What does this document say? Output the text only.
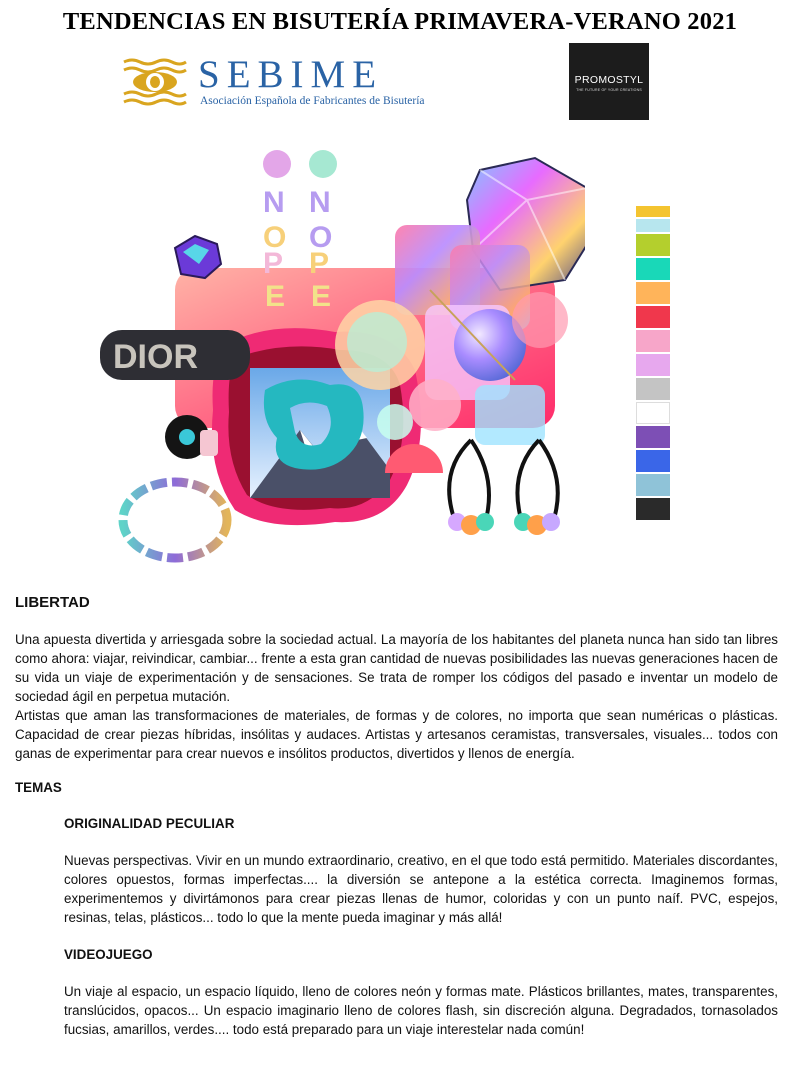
TENDENCIAS EN BISUTERÍA PRIMAVERA-VERANO 2021
SEBIME
Asociación Española de Fabricantes de Bisutería
PROMOSTYL
THE FUTURE OF YOUR CREATIONS
N
O
P
E
N
O
P
E
DIOR
LIBERTAD
Una apuesta divertida y arriesgada sobre la sociedad actual. La mayoría de los habitantes del planeta nunca han sido tan libres como ahora: viajar, reivindicar, cambiar... frente a esta gran cantidad de nuevas posibilidades las nuevas generaciones hacen de su vida un viaje de experimentación y de sensaciones. Se trata de romper los códigos del pasado e inventar un modelo de sociedad ágil en perpetua mutación.
Artistas que aman las transformaciones de materiales, de formas y de colores, no importa que sean numéricas o plásticas. Capacidad de crear piezas híbridas, insólitas y audaces. Artistas y artesanos ceramistas, transversales, visuales... todos con ganas de experimentar para crear nuevos e insólitos productos, divertidos y llenos de energía.
TEMAS
ORIGINALIDAD PECULIAR
Nuevas perspectivas. Vivir en un mundo extraordinario, creativo, en el que todo está permitido. Materiales discordantes, colores opuestos, formas imperfectas.... la diversión se antepone a la estética correcta. Imaginemos formas, experimentemos y divirtámonos para crear piezas llenas de humor, coloridas y con un punto naíf. PVC, espejos, resinas, telas, plásticos... todo lo que la mente pueda imaginar y más allá!
VIDEOJUEGO
Un viaje al espacio, un espacio líquido, lleno de colores neón y formas mate. Plásticos brillantes, mates, transparentes, translúcidos, opacos... Un espacio imaginario lleno de colores flash, sin discreción alguna. Degradados, tornasolados fucsias, amarillos, verdes.... todo está preparado para un viaje interestelar nada común!
